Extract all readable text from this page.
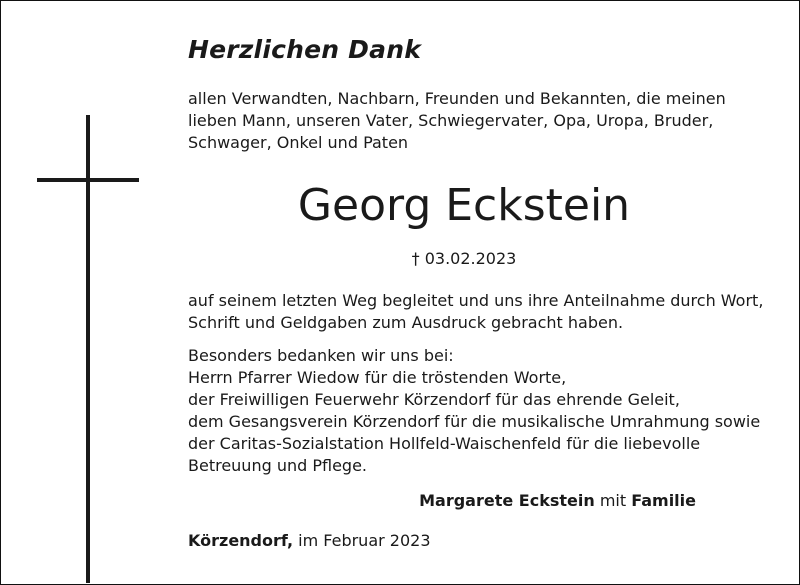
Herzlichen Dank
allen Verwandten, Nachbarn, Freunden und Bekannten, die meinen
lieben Mann, unseren Vater, Schwiegervater, Opa, Uropa, Bruder,
Schwager, Onkel und Paten
Georg Eckstein
† 03.02.2023
auf seinem letzten Weg begleitet und uns ihre Anteilnahme durch Wort,
Schrift und Geldgaben zum Ausdruck gebracht haben.
Besonders bedanken wir uns bei:
Herrn Pfarrer Wiedow für die tröstenden Worte,
der Freiwilligen Feuerwehr Körzendorf für das ehrende Geleit,
dem Gesangsverein Körzendorf für die musikalische Umrahmung sowie
der Caritas-Sozialstation Hollfeld-Waischenfeld für die liebevolle
Betreuung und Pflege.
Margarete Eckstein mit Familie
Körzendorf, im Februar 2023
